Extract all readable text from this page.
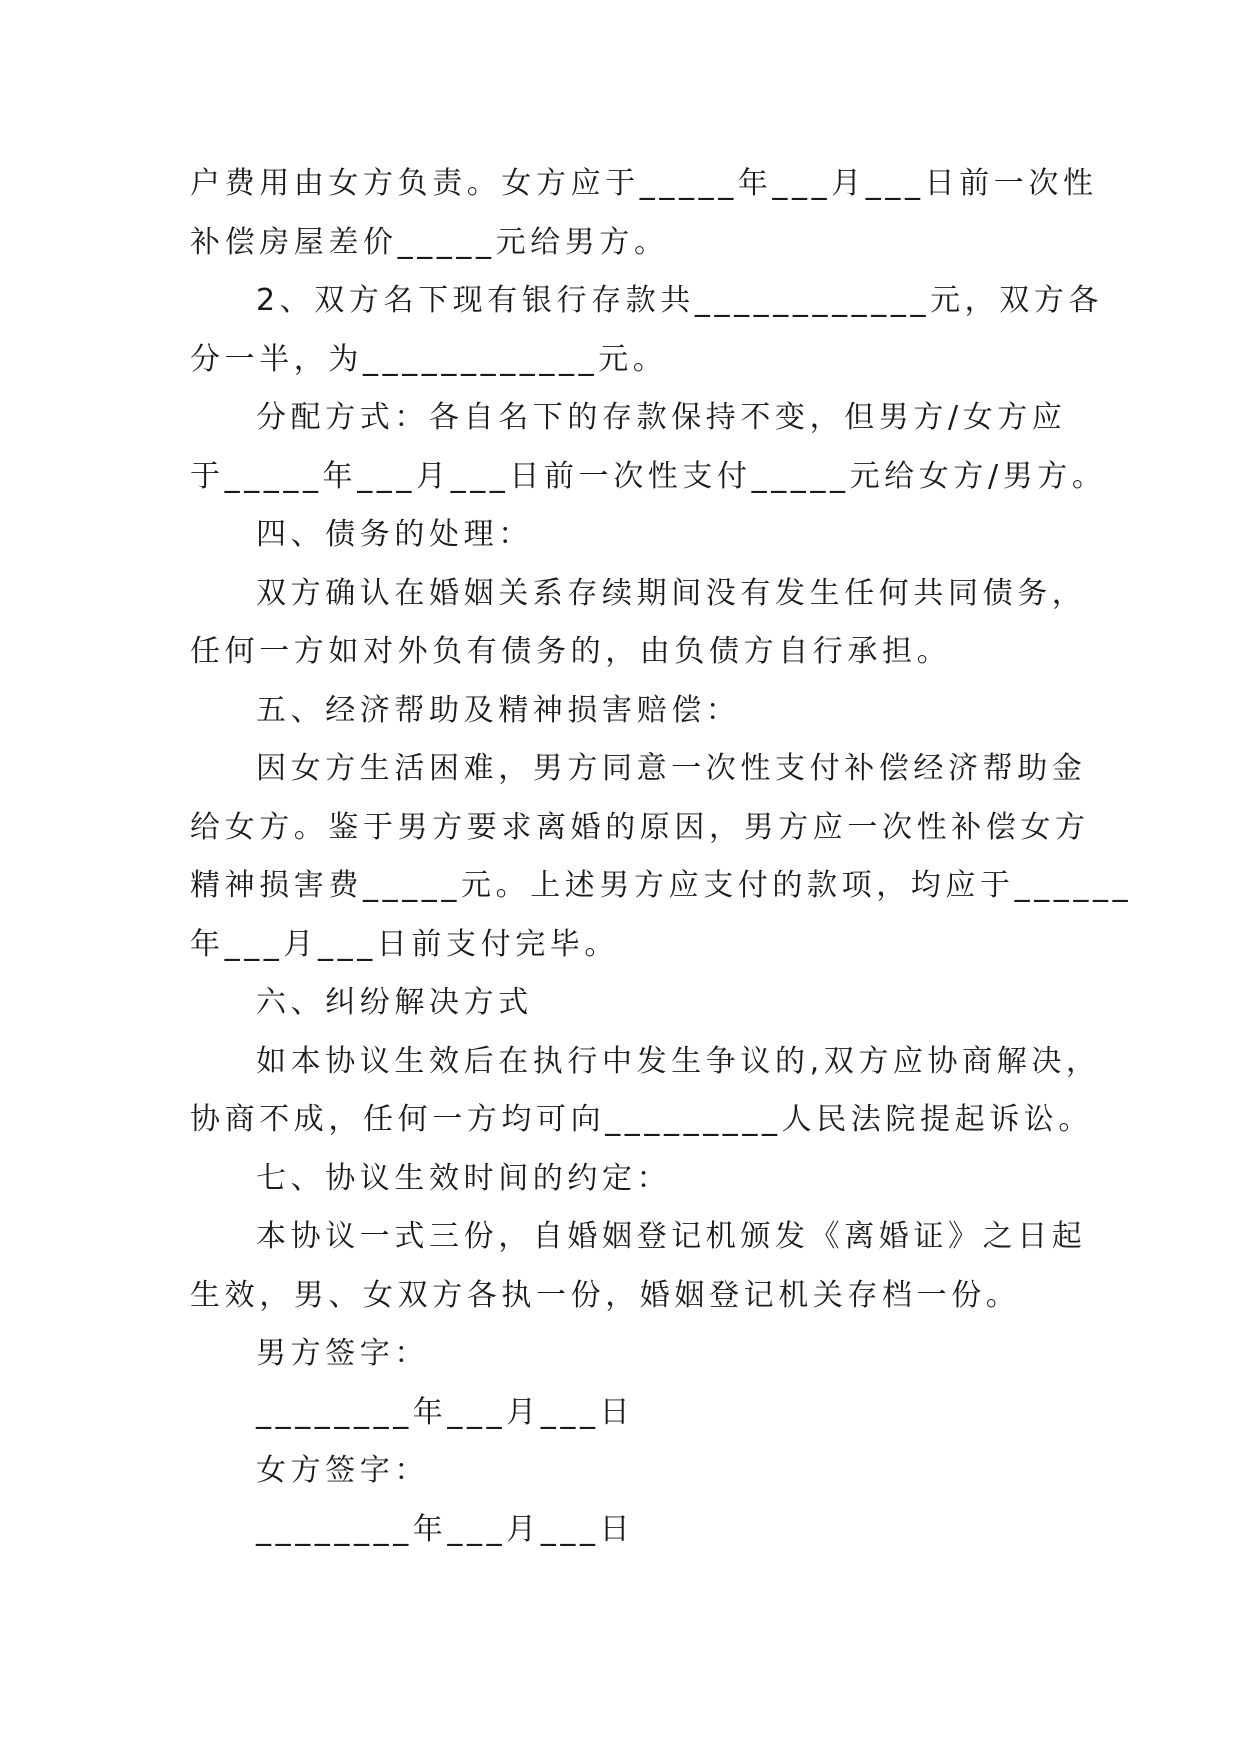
户费用由女方负责。女方应于_____年___月___日前一次性
补偿房屋差价_____元给男方。
2、双方名下现有银行存款共____________元，双方各
分一半，为____________元。
分配方式：各自名下的存款保持不变，但男方/女方应
于_____年___月___日前一次性支付_____元给女方/男方。
四、债务的处理：
双方确认在婚姻关系存续期间没有发生任何共同债务，
任何一方如对外负有债务的，由负债方自行承担。
五、经济帮助及精神损害赔偿：
因女方生活困难，男方同意一次性支付补偿经济帮助金
给女方。鉴于男方要求离婚的原因，男方应一次性补偿女方
精神损害费_____元。上述男方应支付的款项，均应于______
年___月___日前支付完毕。
六、纠纷解决方式
如本协议生效后在执行中发生争议的,双方应协商解决，
协商不成，任何一方均可向_________人民法院提起诉讼。
七、协议生效时间的约定：
本协议一式三份，自婚姻登记机颁发《离婚证》之日起
生效，男、女双方各执一份，婚姻登记机关存档一份。
男方签字：
________年___月___日
女方签字：
________年___月___日
